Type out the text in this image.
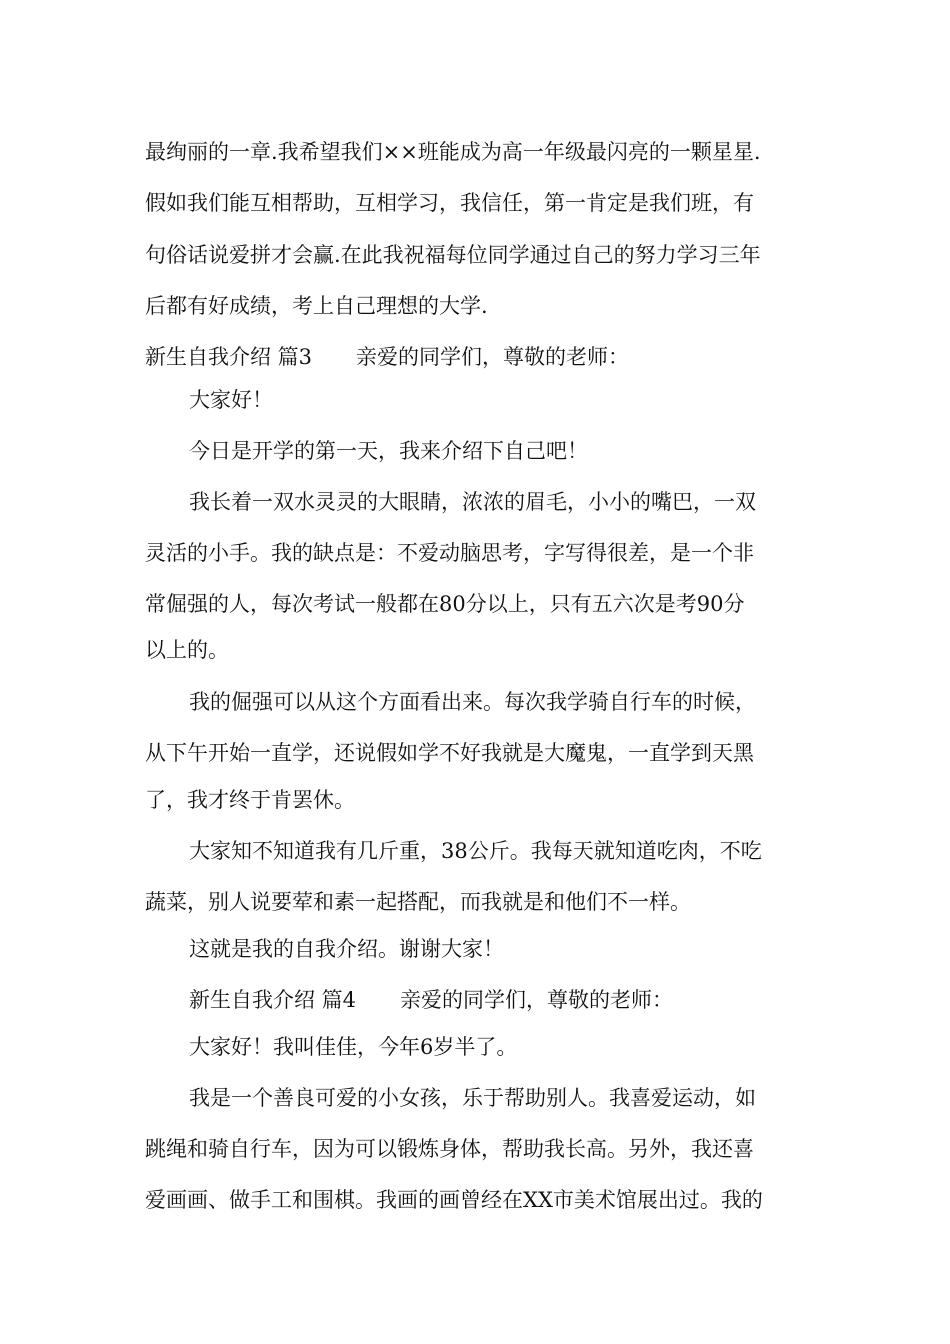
最绚丽的一章.我希望我们××班能成为高一年级最闪亮的一颗星星.
假如我们能互相帮助，互相学习，我信任，第一肯定是我们班，有
句俗话说爱拼才会赢.在此我祝福每位同学通过自己的努力学习三年
后都有好成绩，考上自己理想的大学.
新生自我介绍 篇3 亲爱的同学们，尊敬的老师：
大家好！
今日是开学的第一天，我来介绍下自己吧！
我长着一双水灵灵的大眼睛，浓浓的眉毛，小小的嘴巴，一双
灵活的小手。我的缺点是：不爱动脑思考，字写得很差，是一个非
常倔强的人，每次考试一般都在80分以上，只有五六次是考90分
以上的。
我的倔强可以从这个方面看出来。每次我学骑自行车的时候，
从下午开始一直学，还说假如学不好我就是大魔鬼，一直学到天黑
了，我才终于肯罢休。
大家知不知道我有几斤重，38公斤。我每天就知道吃肉，不吃
蔬菜，别人说要荤和素一起搭配，而我就是和他们不一样。
这就是我的自我介绍。谢谢大家！
新生自我介绍 篇4 亲爱的同学们，尊敬的老师：
大家好！我叫佳佳，今年6岁半了。
我是一个善良可爱的小女孩，乐于帮助别人。我喜爱运动，如
跳绳和骑自行车，因为可以锻炼身体，帮助我长高。另外，我还喜
爱画画、做手工和围棋。我画的画曾经在XX市美术馆展出过。我的
